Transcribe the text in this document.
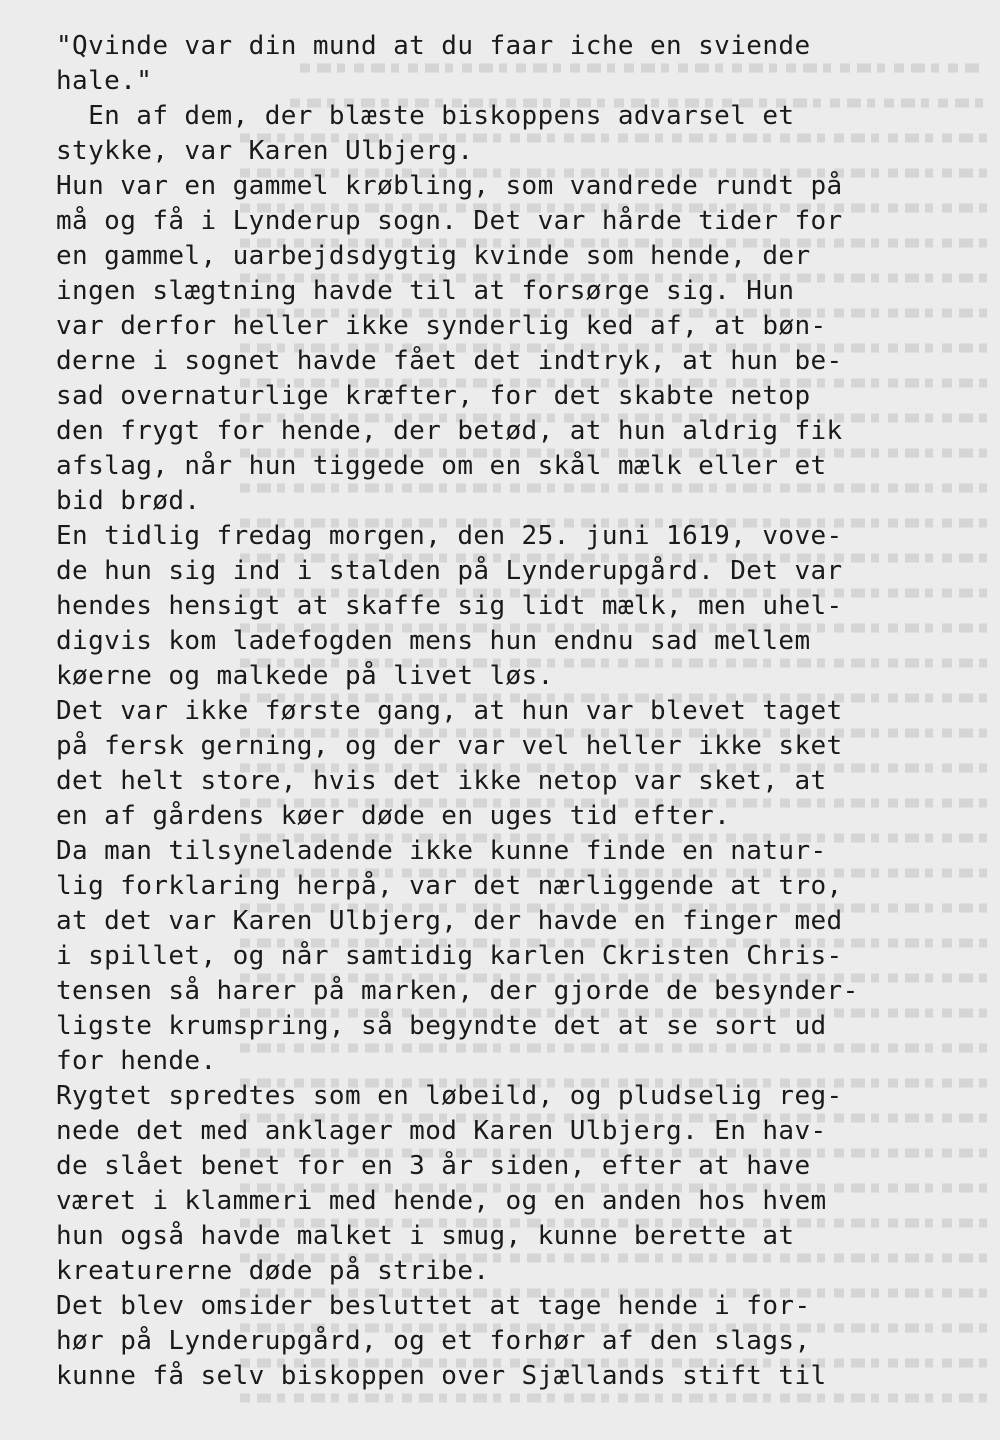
"Qvinde var din mund at du faar iche en sviende
hale."
En af dem, der blæste biskoppens advarsel et
stykke, var Karen Ulbjerg.
Hun var en gammel krøbling, som vandrede rundt på
må og få i Lynderup sogn. Det var hårde tider for
en gammel, uarbejdsdygtig kvinde som hende, der
ingen slægtning havde til at forsørge sig. Hun
var derfor heller ikke synderlig ked af, at bøn-
derne i sognet havde fået det indtryk, at hun be-
sad overnaturlige kræfter, for det skabte netop
den frygt for hende, der betød, at hun aldrig fik
afslag, når hun tiggede om en skål mælk eller et
bid brød.
En tidlig fredag morgen, den 25. juni 1619, vove-
de hun sig ind i stalden på Lynderupgård. Det var
hendes hensigt at skaffe sig lidt mælk, men uhel-
digvis kom ladefogden mens hun endnu sad mellem
køerne og malkede på livet løs.
Det var ikke første gang, at hun var blevet taget
på fersk gerning, og der var vel heller ikke sket
det helt store, hvis det ikke netop var sket, at
en af gårdens køer døde en uges tid efter.
Da man tilsyneladende ikke kunne finde en natur-
lig forklaring herpå, var det nærliggende at tro,
at det var Karen Ulbjerg, der havde en finger med
i spillet, og når samtidig karlen Ckristen Chris-
tensen så harer på marken, der gjorde de besynder-
ligste krumspring, så begyndte det at se sort ud
for hende.
Rygtet spredtes som en løbeild, og pludselig reg-
nede det med anklager mod Karen Ulbjerg. En hav-
de slået benet for en 3 år siden, efter at have
været i klammeri med hende, og en anden hos hvem
hun også havde malket i smug, kunne berette at
kreaturerne døde på stribe.
Det blev omsider besluttet at tage hende i for-
hør på Lynderupgård, og et forhør af den slags,
kunne få selv biskoppen over Sjællands stift til
